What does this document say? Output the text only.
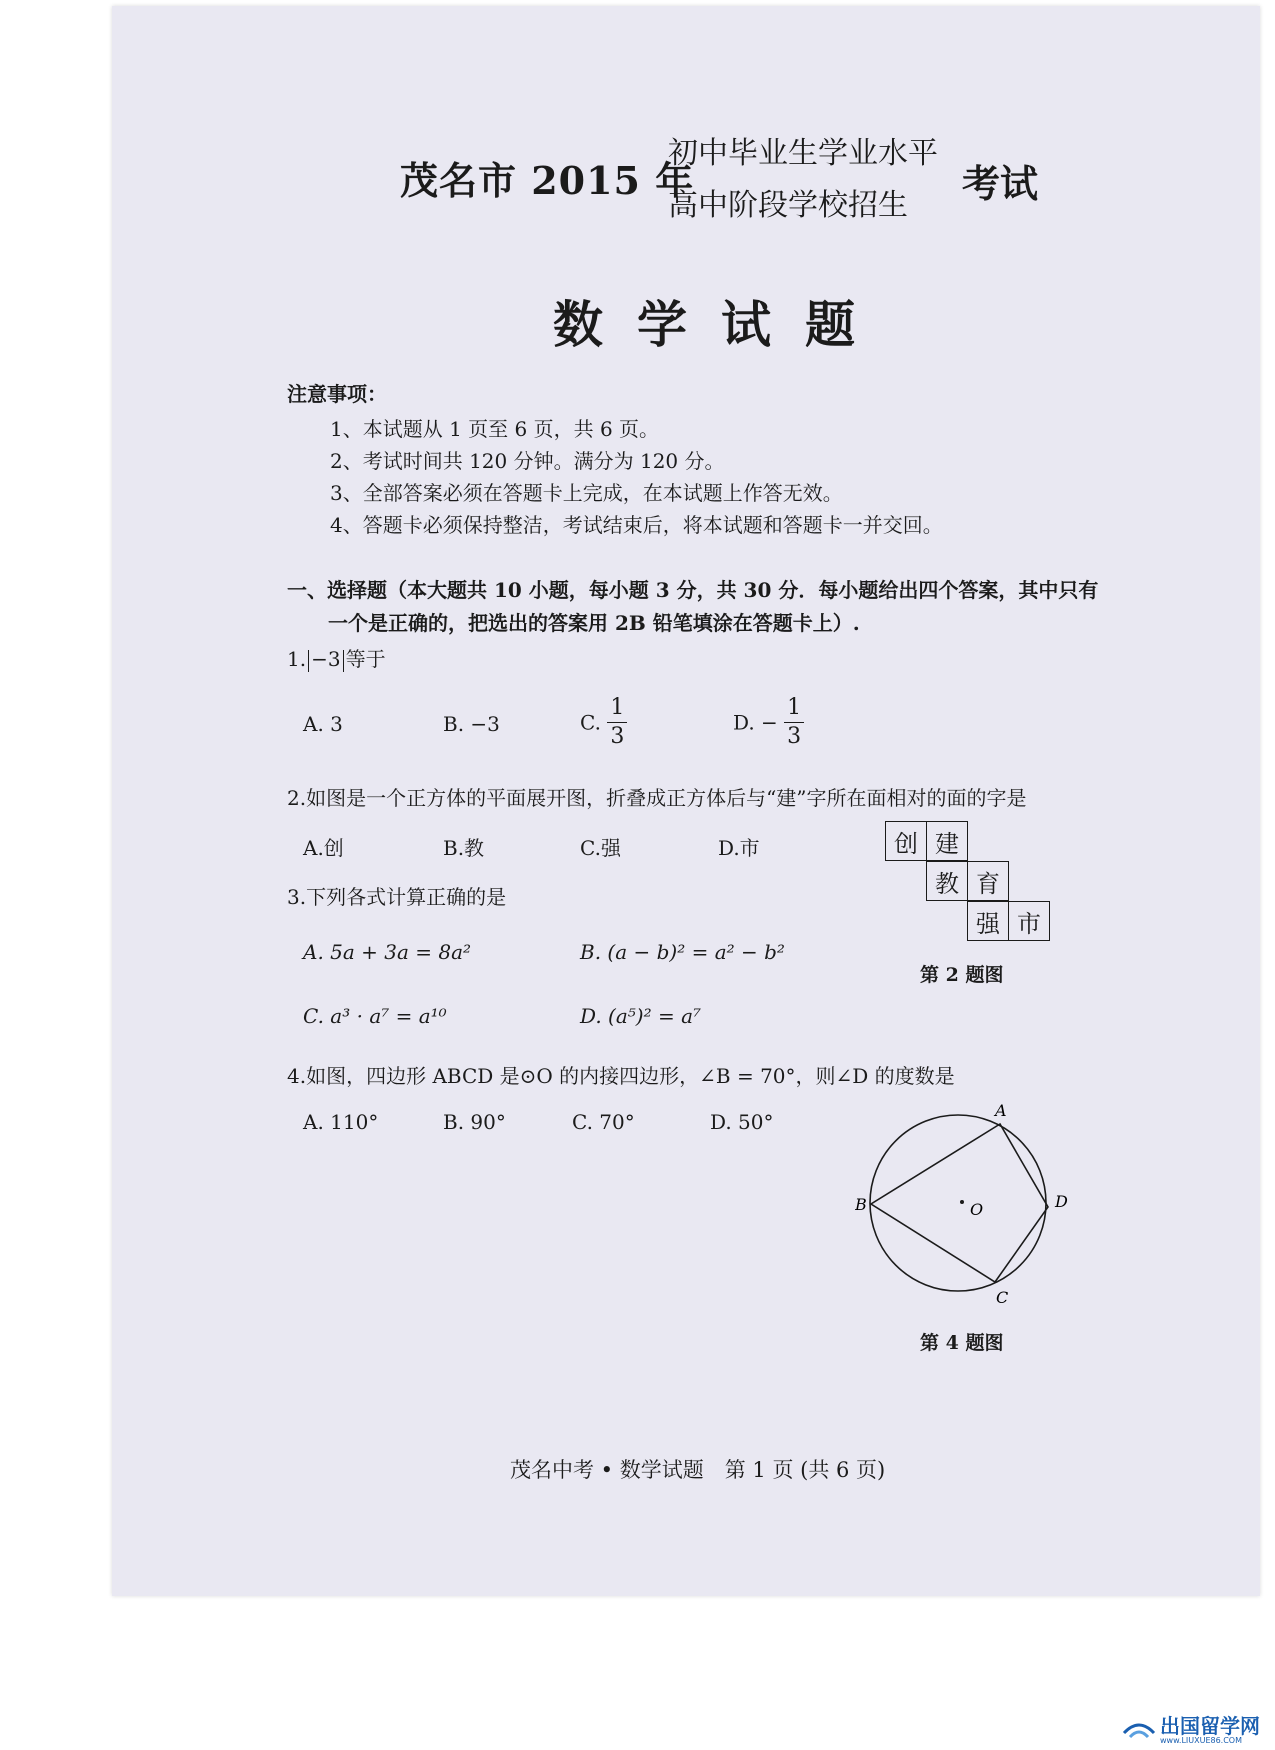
茂名市 2015 年
初中毕业生学业水平
高中阶段学校招生 考试
数学试题
注意事项：
1、本试题从 1 页至 6 页，共 6 页。
2、考试时间共 120 分钟。满分为 120 分。
3、全部答案必须在答题卡上完成，在本试题上作答无效。
4、答题卡必须保持整洁，考试结束后，将本试题和答题卡一并交回。
一、选择题（本大题共 10 小题，每小题 3 分，共 30 分．每小题给出四个答案，其中只有
一个是正确的，把选出的答案用 2B 铅笔填涂在答题卡上）.
1. −3 等于
A. 3	B. −3	C. $\frac{1}{3}$	D. − $\frac{1}{3}$
2.如图是一个正方体的平面展开图，折叠成正方体后与“建”字所在面相对的面的字是
A.创	B.教	C.强	D.市	创 建
教 育
强 市
第 2 题图
3.下列各式计算正确的是
A. 5a + 3a = 8a²	B. (a − b)² = a² − b²
C. a³ · a⁷ = a¹⁰	D. (a⁵)² = a⁷
4.如图，四边形 ABCD 是⊙O 的内接四边形，∠B = 70°，则∠D 的度数是
A. 110°	B. 90°	C. 70°	D. 50°	A
B
C
D
O
第 4 题图
茂名中考 • 数学试题　第 1 页 (共 6 页)
出国留学网
www.LIUXUE86.COM
